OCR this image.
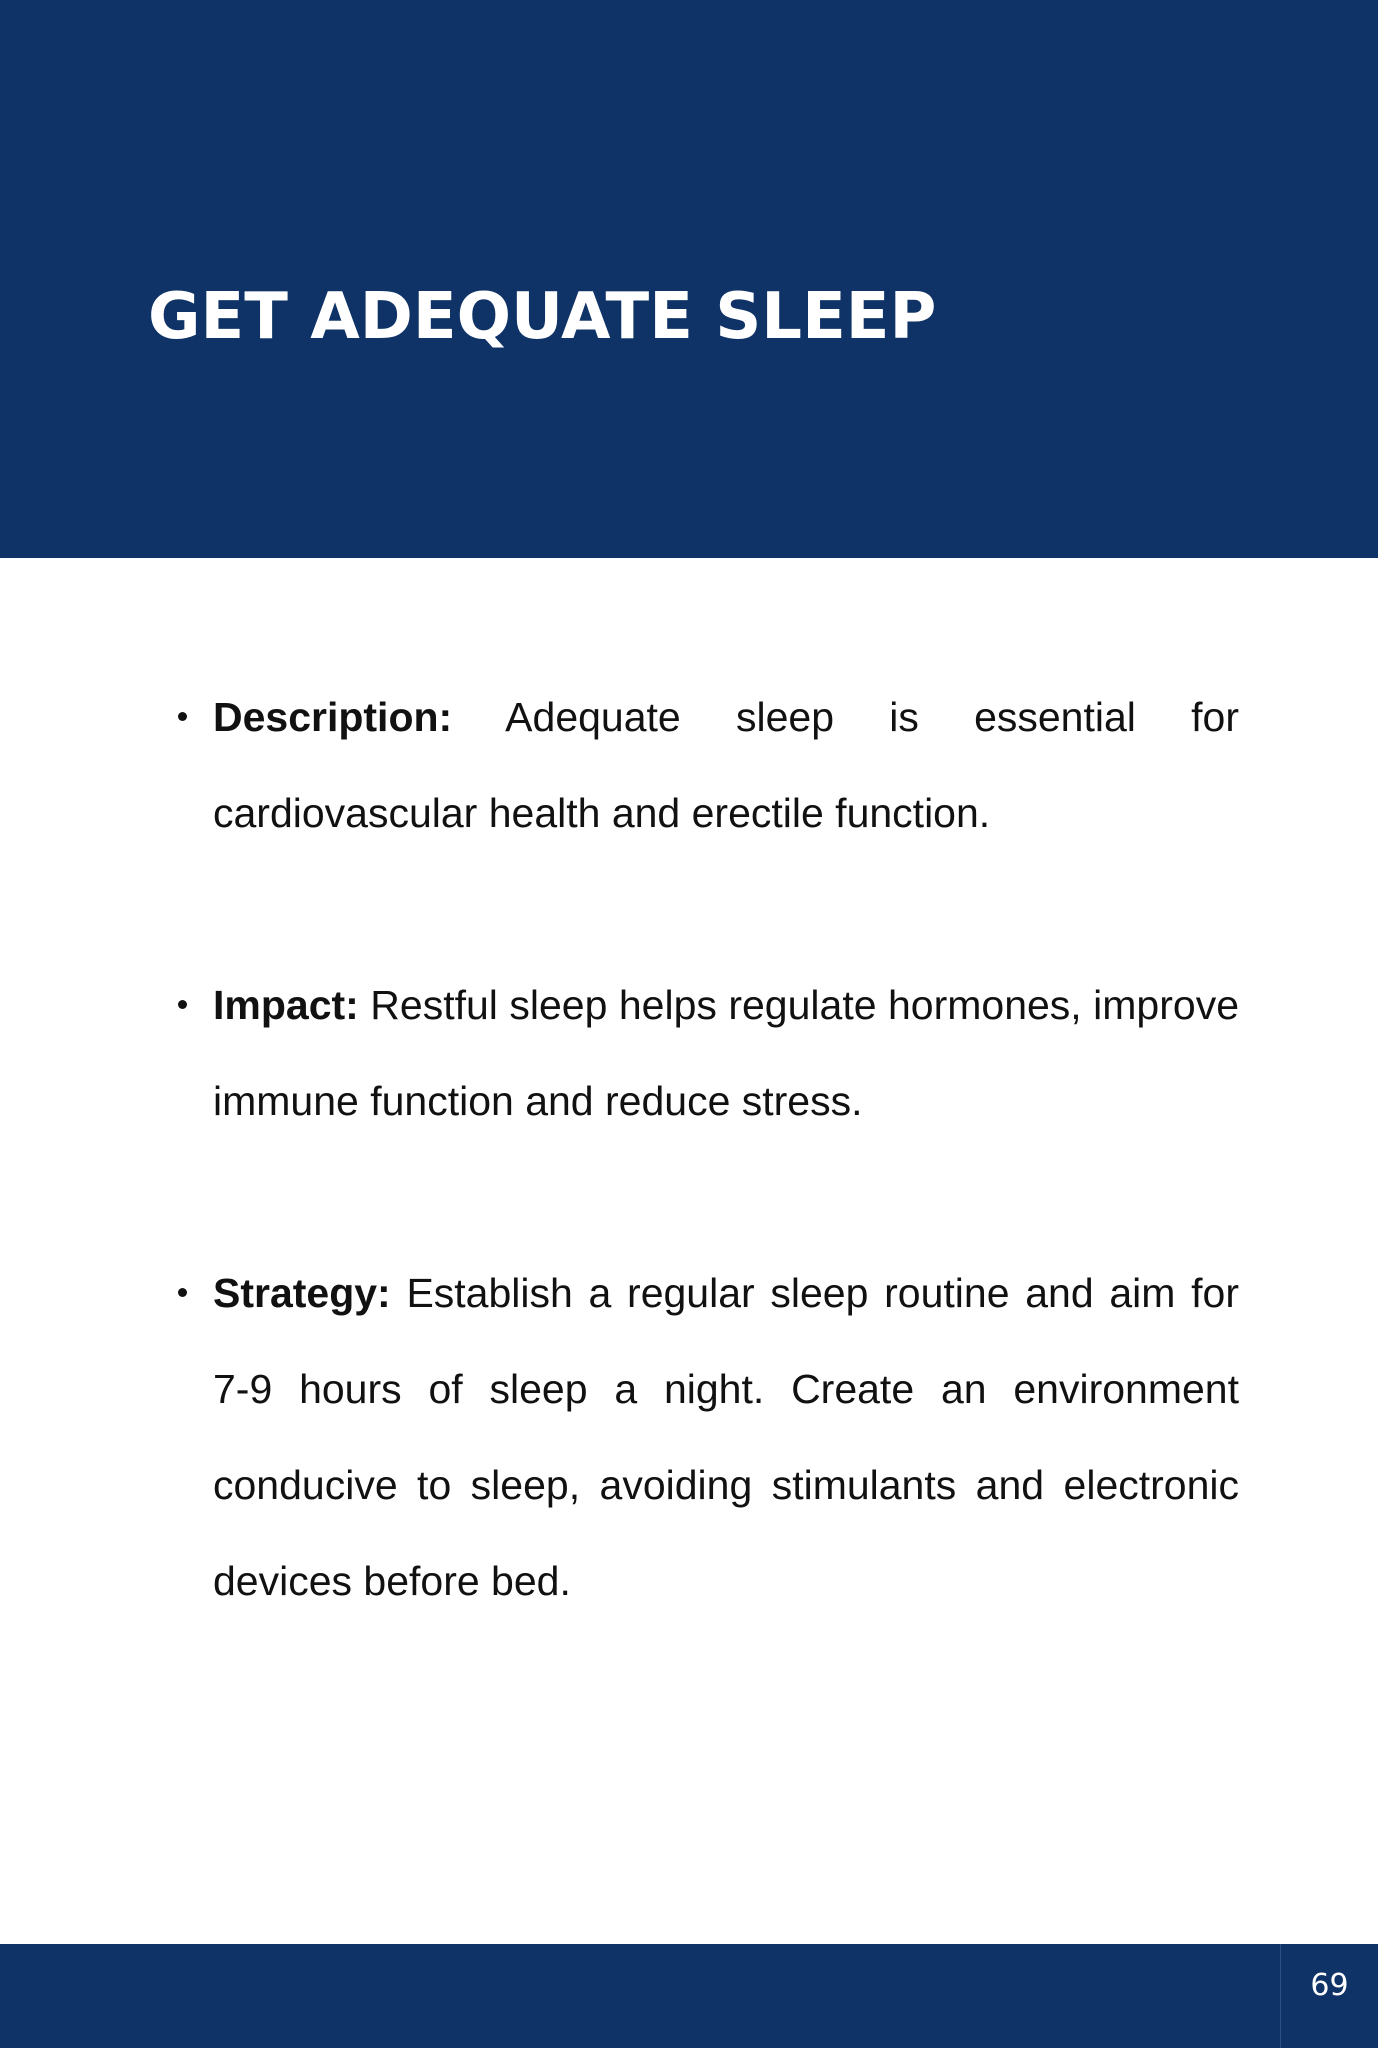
GET ADEQUATE SLEEP
Description: Adequate sleep is essential for cardiovascular health and erectile function.
Impact: Restful sleep helps regulate hormones, improve immune function and reduce stress.
Strategy: Establish a regular sleep routine and aim for 7-9 hours of sleep a night. Create an environment conducive to sleep, avoiding stimulants and electronic devices before bed.
69
